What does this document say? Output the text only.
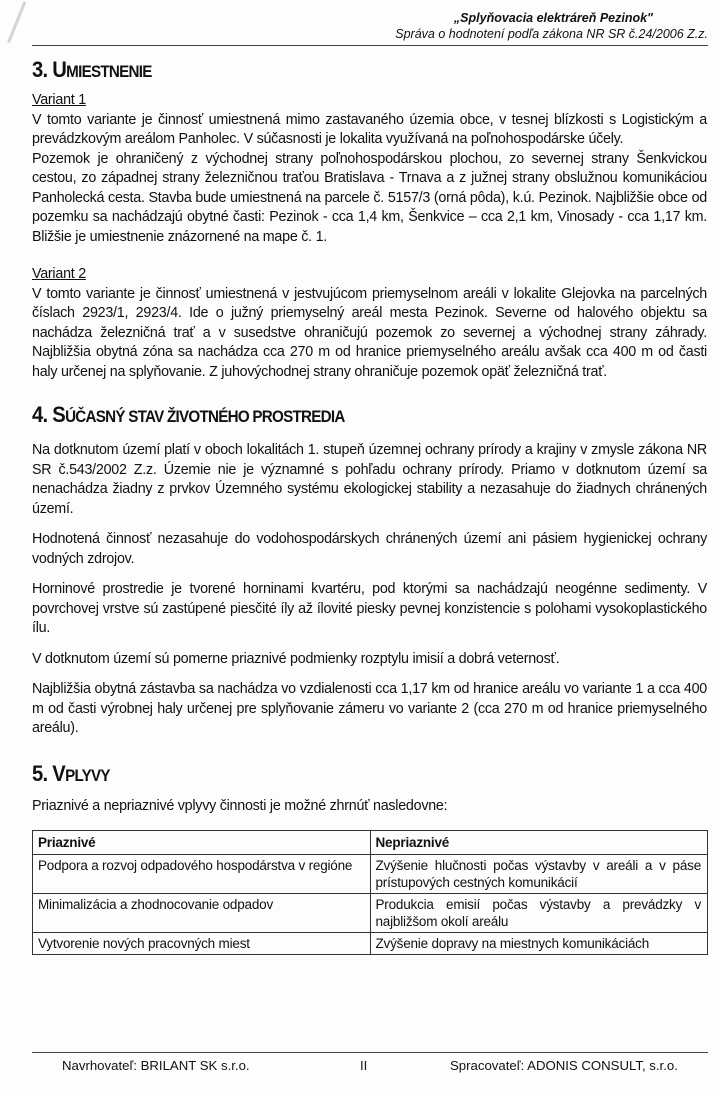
„Splyňovacia elektráreň Pezinok"
Správa o hodnotení podľa zákona NR SR č.24/2006 Z.z.
3. UMIESTNENIE
Variant 1

V tomto variante je činnosť umiestnená mimo zastavaného územia obce, v tesnej blízkosti s Logistickým a prevádzkovým areálom Panholec. V súčasnosti je lokalita využívaná na poľnohospodárske účely.

Pozemok je ohraničený z východnej strany poľnohospodárskou plochou, zo severnej strany Šenkvickou cestou, zo západnej strany železničnou traťou Bratislava - Trnava a z južnej strany obslužnou komunikáciou Panholecká cesta. Stavba bude umiestnená na parcele č. 5157/3 (orná pôda), k.ú. Pezinok. Najbližšie obce od pozemku sa nachádzajú obytné časti: Pezinok - cca 1,4 km, Šenkvice – cca 2,1 km, Vinosady - cca 1,17 km. Bližšie je umiestnenie znázornené na mape č. 1.

Variant 2

V tomto variante je činnosť umiestnená v jestvujúcom priemyselnom areáli v lokalite Glejovka na parcelných číslach 2923/1, 2923/4. Ide o južný priemyselný areál mesta Pezinok. Severne od halového objektu sa nachádza železničná trať a v susedstve ohraničujú pozemok zo severnej a východnej strany záhrady. Najbližšia obytná zóna sa nachádza cca 270 m od hranice priemyselného areálu avšak cca 400 m od časti haly určenej na splyňovanie. Z juhovýchodnej strany ohraničuje pozemok opäť železničná trať.

4. SÚČASNÝ STAV ŽIVOTNÉHO PROSTREDIA

Na dotknutom území platí v oboch lokalitách 1. stupeň územnej ochrany prírody a krajiny v zmysle zákona NR SR č.543/2002 Z.z. Územie nie je významné s pohľadu ochrany prírody. Priamo v dotknutom území sa nenachádza žiadny z prvkov Územného systému ekologickej stability a nezasahuje do žiadnych chránených území.

Hodnotená činnosť nezasahuje do vodohospodárskych chránených území ani pásiem hygienickej ochrany vodných zdrojov.

Horninové prostredie je tvorené horninami kvartéru, pod ktorými sa nachádzajú neogénne sedimenty. V povrchovej vrstve sú zastúpené piesčité íly až ílovité piesky pevnej konzistencie s polohami vysokoplastického ílu.

V dotknutom území sú pomerne priaznivé podmienky rozptylu imisií a dobrá veternosť.

Najbližšia obytná zástavba sa nachádza vo vzdialenosti cca 1,17 km od hranice areálu vo variante 1 a cca 400 m od časti výrobnej haly určenej pre splyňovanie zámeru vo variante 2 (cca 270 m od hranice priemyselného areálu).

5. VPLYVY

Priaznivé a nepriaznivé vplyvy činnosti je možné zhrnúť nasledovne:

Priaznivé	Nepriaznivé
Podpora a rozvoj odpadového hospodárstva v regióne	Zvýšenie hlučnosti počas výstavby v areáli a v páse prístupových cestných komunikácií
Minimalizácia a zhodnocovanie odpadov	Produkcia emisií počas výstavby a prevádzky v najbližšom okolí areálu
Vytvorenie nových pracovných miest	Zvýšenie dopravy na miestnych komunikáciách
Navrhovateľ: BRILANT SK s.r.o.	II	Spracovateľ: ADONIS CONSULT, s.r.o.
